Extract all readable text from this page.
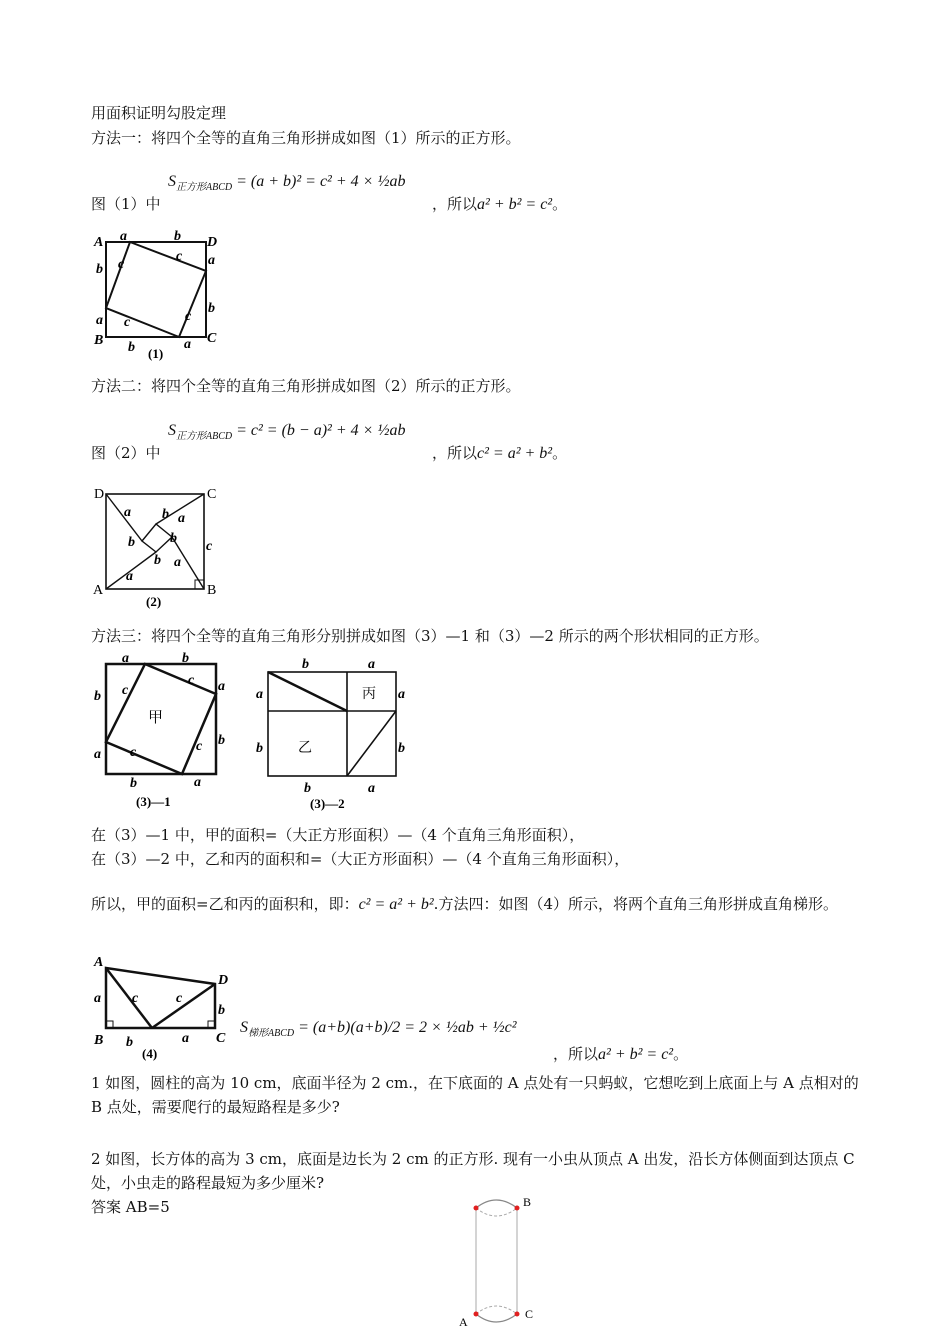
用面积证明勾股定理
方法一：将四个全等的直角三角形拼成如图（1）所示的正方形。
图（1）中
$S_{正方形ABCD} = (a + b)^2 = c^2 + 4$ × ½ab
，所以a² + b² = c²。
A	D
B	C
a	b
a
b
b
a
b	a
c
c
c
c
(1)
方法二：将四个全等的直角三角形拼成如图（2）所示的正方形。
图（2）中
$S_{正方形ABCD} = c^2 = (b - a)^2 + 4$ × ½ab
，所以c² = a² + b²。
D	C
A	B
a
b
b a
b
a
c
b
a
(2)
方法三：将四个全等的直角三角形分别拼成如图（3）—1 和（3）—2 所示的两个形状相同的正方形。
甲
a	b
a
b
b
a
b	a
c
c
c
c
(3)—1
丙
乙
b	a
a	a
b	b
b	a
(3)—2
在（3）—1 中，甲的面积=（大正方形面积）—（4 个直角三角形面积），
在（3）—2 中，乙和丙的面积和=（大正方形面积）—（4 个直角三角形面积），
所以，甲的面积=乙和丙的面积和，即：c² = a² + b².方法四：如图（4）所示，将两个直角三角形拼成直角梯形。
A
D
B	C
a
b
b	a
c	c
(4)
$S_{梯形ABCD} = (a+b)(a+b)/2 = 2$ × ½ab + ½c²
，所以a² + b² = c²。
1 如图，圆柱的高为 10 cm，底面半径为 2 cm.，在下底面的 A 点处有一只蚂蚁，它想吃到上底面上与 A 点相对的 B 点处，需要爬行的最短路程是多少?
2 如图，长方体的高为 3 cm，底面是边长为 2 cm 的正方形. 现有一小虫从顶点 A 出发，沿长方体侧面到达顶点 C 处，小虫走的路程最短为多少厘米?
答案 AB=5	B
C
A
